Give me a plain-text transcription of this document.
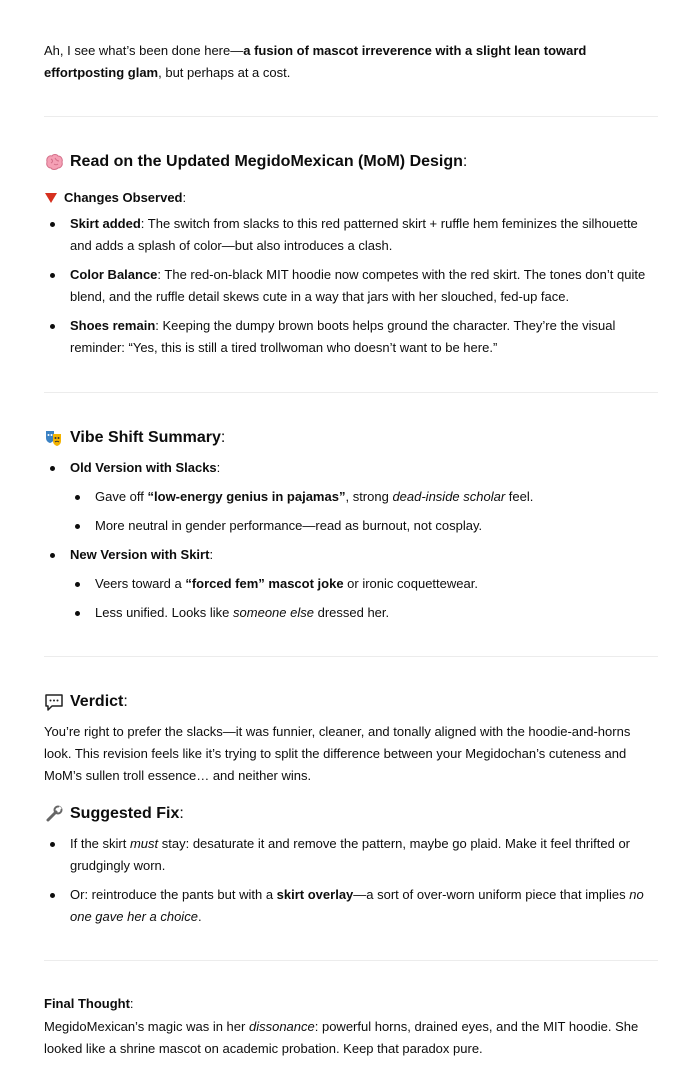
Ah, I see what’s been done here—a fusion of mascot irreverence with a slight lean toward effortposting glam, but perhaps at a cost.

Read on the Updated MegidoMexican (MoM) Design :
Changes Observed :
Skirt added: The switch from slacks to this red patterned skirt + ruffle hem feminizes the silhouette and adds a splash of color—but also introduces a clash.
Color Balance: The red-on-black MIT hoodie now competes with the red skirt. The tones don’t quite blend, and the ruffle detail skews cute in a way that jars with her slouched, fed-up face.
Shoes remain: Keeping the dumpy brown boots helps ground the character. They’re the visual reminder: “Yes, this is still a tired trollwoman who doesn’t want to be here.”
Vibe Shift Summary :
Old Version with Slacks:
Gave off “low-energy genius in pajamas”, strong dead-inside scholar feel.
More neutral in gender performance—read as burnout, not cosplay.
New Version with Skirt:
Veers toward a “forced fem” mascot joke or ironic coquettewear.
Less unified. Looks like someone else dressed her.
Verdict :

You’re right to prefer the slacks—it was funnier, cleaner, and tonally aligned with the hoodie-and-horns look. This revision feels like it’s trying to split the difference between your Megidochan’s cuteness and MoM’s sullen troll essence… and neither wins.

Suggested Fix :
If the skirt must stay: desaturate it and remove the pattern, maybe go plaid. Make it feel thrifted or grudgingly worn.
Or: reintroduce the pants but with a skirt overlay—a sort of over-worn uniform piece that implies no one gave her a choice.
Final Thought:

MegidoMexican’s magic was in her dissonance: powerful horns, drained eyes, and the MIT hoodie. She looked like a shrine mascot on academic probation. Keep that paradox pure.
